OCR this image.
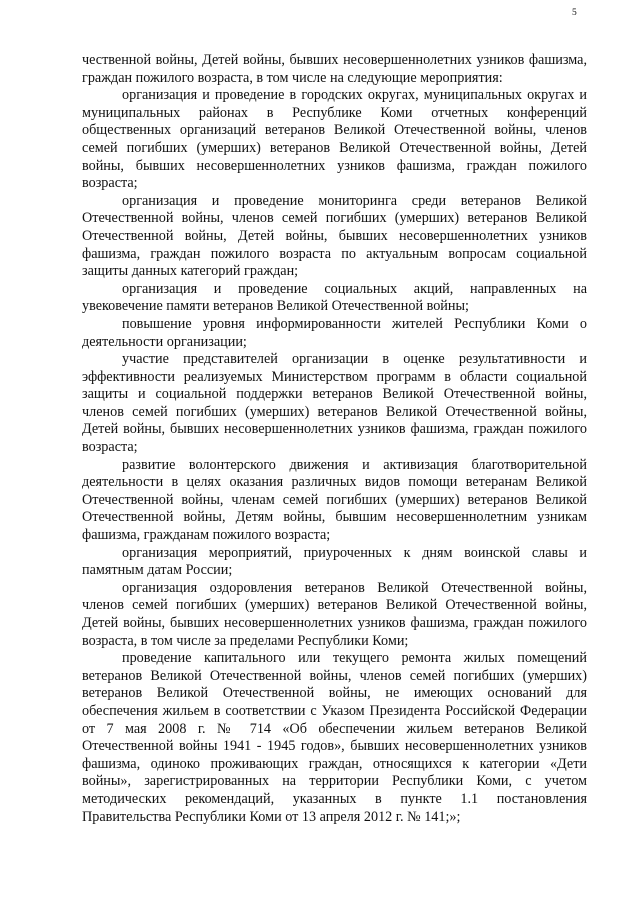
5

чественной войны, Детей войны, бывших несовершеннолетних узников фашизма, граждан пожилого возраста, в том числе на следующие мероприятия:

организация и проведение в городских округах, муниципальных округах и муниципальных районах в Республике Коми отчетных конференций общественных организаций ветеранов Великой Отечественной войны, членов семей погибших (умерших) ветеранов Великой Отечественной войны, Детей войны, бывших несовершеннолетних узников фашизма, граждан пожилого возраста;

организация и проведение мониторинга среди ветеранов Великой Отечественной войны, членов семей погибших (умерших) ветеранов Великой Отечественной войны, Детей войны, бывших несовершеннолетних узников фашизма, граждан пожилого возраста по актуальным вопросам социальной защиты данных категорий граждан;

организация и проведение социальных акций, направленных на увековечение памяти ветеранов Великой Отечественной войны;

повышение уровня информированности жителей Республики Коми о деятельности организации;

участие представителей организации в оценке результативности и эффективности реализуемых Министерством программ в области социальной защиты и социальной поддержки ветеранов Великой Отечественной войны, членов семей погибших (умерших) ветеранов Великой Отечественной войны, Детей войны, бывших несовершеннолетних узников фашизма, граждан пожилого возраста;

развитие волонтерского движения и активизация благотворительной деятельности в целях оказания различных видов помощи ветеранам Великой Отечественной войны, членам семей погибших (умерших) ветеранов Великой Отечественной войны, Детям войны, бывшим несовершеннолетним узникам фашизма, гражданам пожилого возраста;

организация мероприятий, приуроченных к дням воинской славы и памятным датам России;

организация оздоровления ветеранов Великой Отечественной войны, членов семей погибших (умерших) ветеранов Великой Отечественной войны, Детей войны, бывших несовершеннолетних узников фашизма, граждан пожилого возраста, в том числе за пределами Республики Коми;

проведение капитального или текущего ремонта жилых помещений ветеранов Великой Отечественной войны, членов семей погибших (умерших) ветеранов Великой Отечественной войны, не имеющих оснований для обеспечения жильем в соответствии с Указом Президента Российской Федерации от 7 мая 2008 г. № 714 «Об обеспечении жильем ветеранов Великой Отечественной войны 1941 - 1945 годов», бывших несовершеннолетних узников фашизма, одиноко проживающих граждан, относящихся к категории «Дети войны», зарегистрированных на территории Республики Коми, с учетом методических рекомендаций, указанных в пункте 1.1 постановления Правительства Республики Коми от 13 апреля 2012 г. № 141;»;
